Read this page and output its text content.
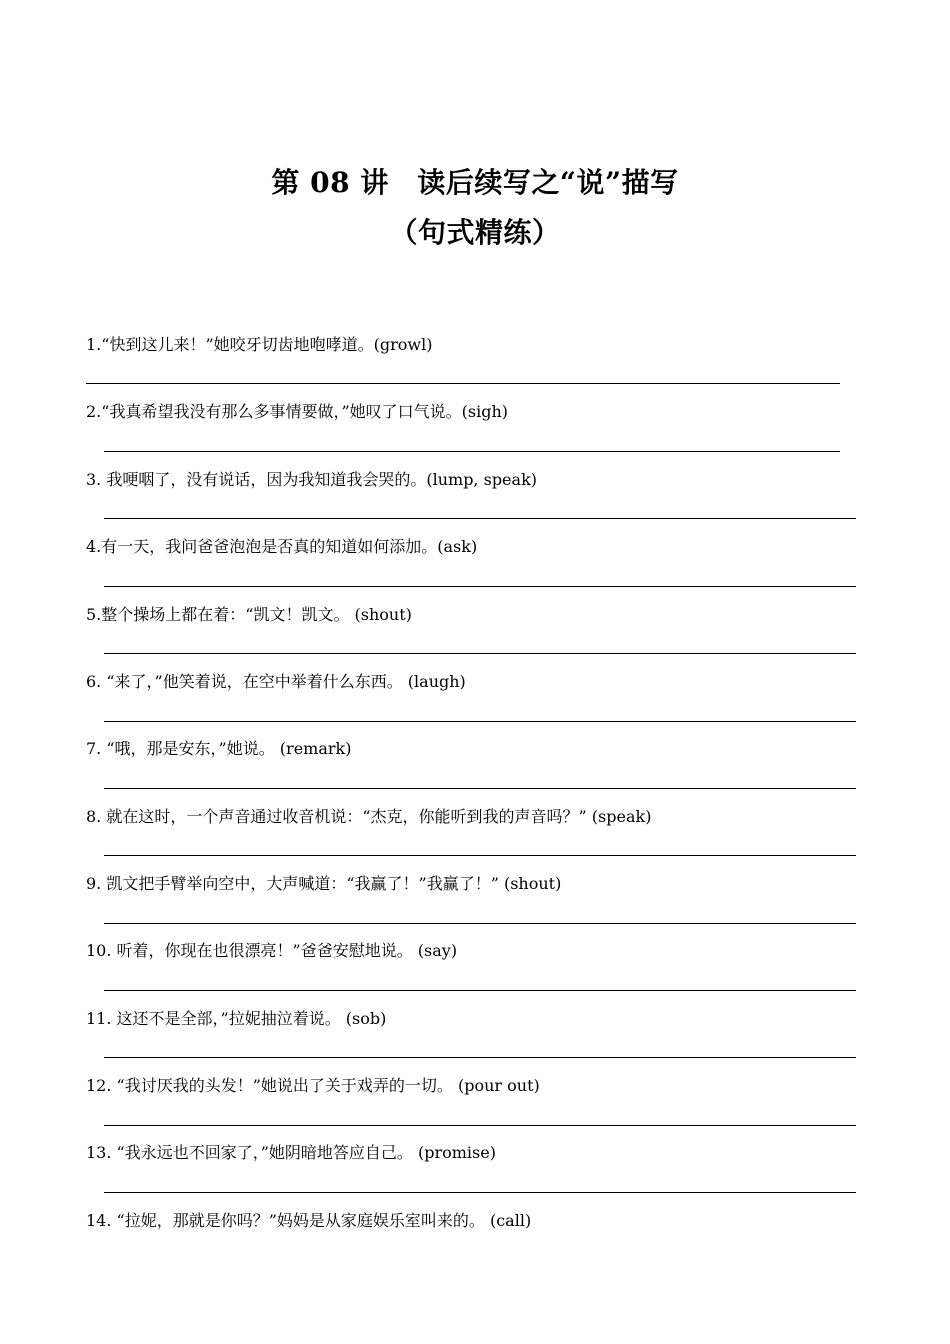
第 08 讲　读后续写之“说”描写
（句式精练）
1.“快到这儿来！”她咬牙切齿地咆哮道。(growl)
2.“我真希望我没有那么多事情要做，”她叹了口气说。(sigh)
3. 我哽咽了，没有说话，因为我知道我会哭的。(lump, speak)
4.有一天，我问爸爸泡泡是否真的知道如何添加。(ask)
5.整个操场上都在着：“凯文！凯文。 (shout)
6. “来了，”他笑着说，在空中举着什么东西。 (laugh)
7. “哦，那是安东，”她说。 (remark)
8. 就在这时，一个声音通过收音机说：“杰克，你能听到我的声音吗？” (speak)
9. 凯文把手臂举向空中，大声喊道：“我赢了！”我赢了！” (shout)
10. 听着，你现在也很漂亮！”爸爸安慰地说。 (say)
11. 这还不是全部，”拉妮抽泣着说。 (sob)
12. “我讨厌我的头发！”她说出了关于戏弄的一切。 (pour out)
13. “我永远也不回家了，”她阴暗地答应自己。 (promise)
14. “拉妮，那就是你吗？”妈妈是从家庭娱乐室叫来的。 (call)
